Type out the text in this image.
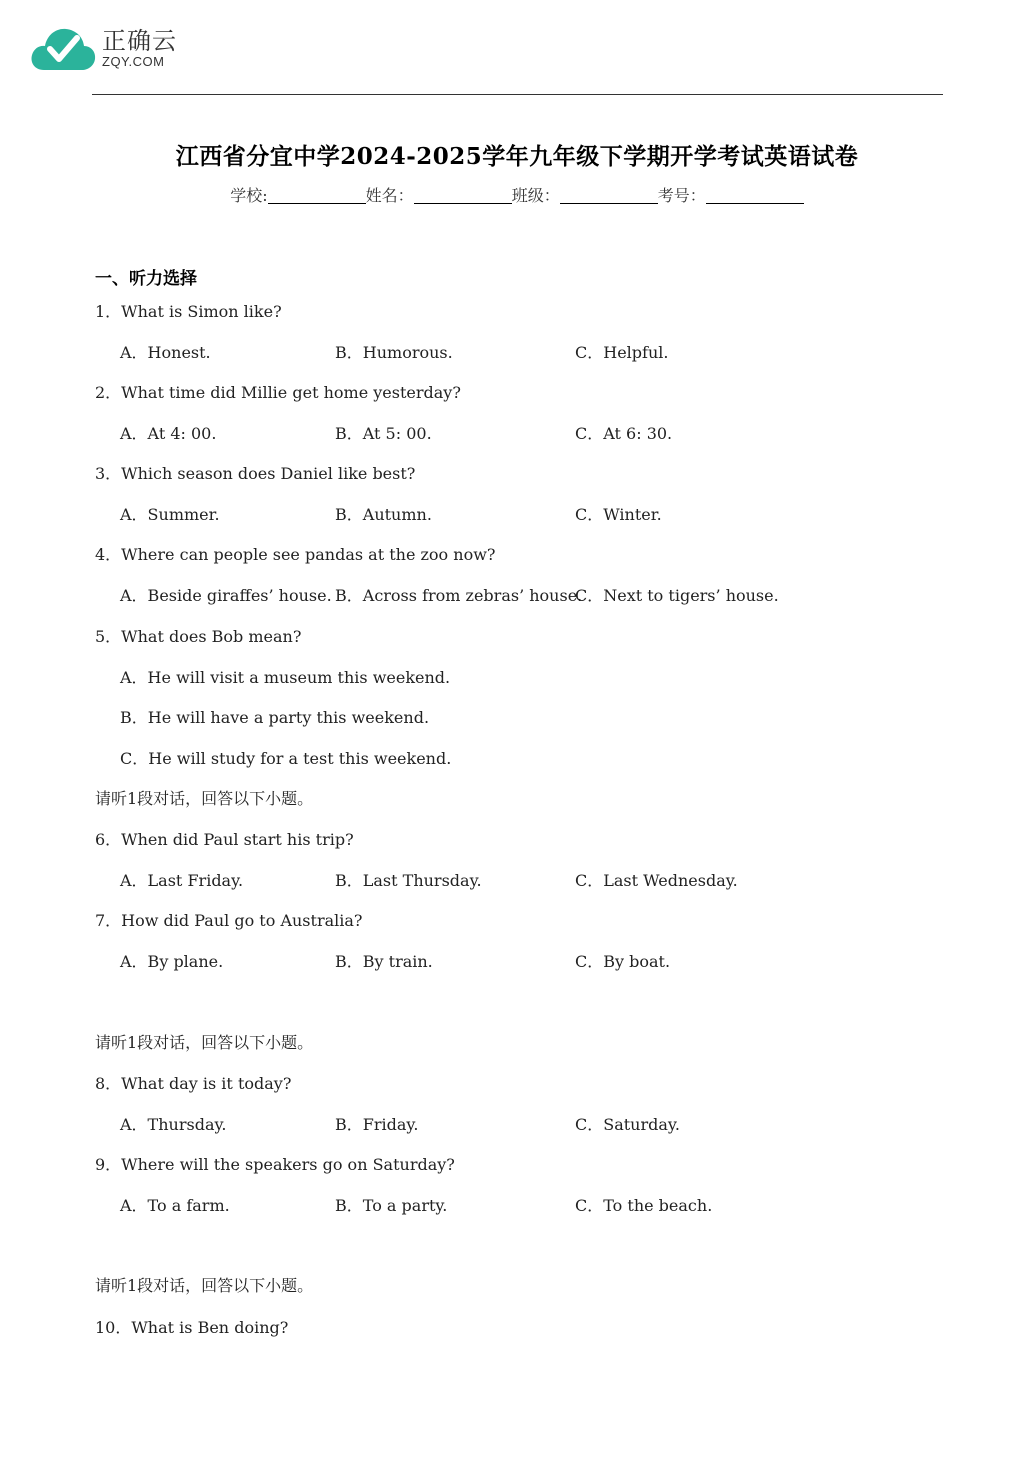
正确云
ZQY.COM
江西省分宜中学2024-2025学年九年级下学期开学考试英语试卷
学校:	姓名：	班级：	考号：
一、听力选择
1．What is Simon like?
A．Honest.	B．Humorous.	C．Helpful.
2．What time did Millie get home yesterday?
A．At 4: 00.	B．At 5: 00.	C．At 6: 30.
3．Which season does Daniel like best?
A．Summer.	B．Autumn.	C．Winter.
4．Where can people see pandas at the zoo now?
A．Beside giraffes’ house. B．Across from zebras’ house.
C．Next to tigers’ house.
5．What does Bob mean?
A．He will visit a museum this weekend.
B．He will have a party this weekend.
C．He will study for a test this weekend.
请听1段对话，回答以下小题。
6．When did Paul start his trip?
A．Last Friday.	B．Last Thursday.	C．Last Wednesday.
7．How did Paul go to Australia?
A．By plane.	B．By train.	C．By boat.
请听1段对话，回答以下小题。
8．What day is it today?
A．Thursday.	B．Friday.	C．Saturday.
9．Where will the speakers go on Saturday?
A．To a farm.	B．To a party.	C．To the beach.
请听1段对话，回答以下小题。
10．What is Ben doing?
